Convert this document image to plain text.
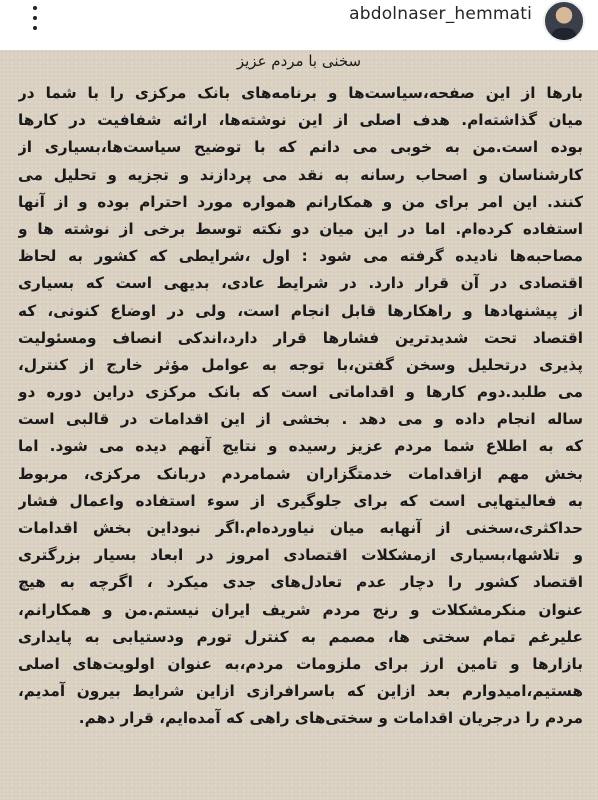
abdolnaser_hemmati
سخنی با مردم عزیز
بارها از این صفحه،سیاست‌ها و برنامه‌های بانک مرکزی را با شما در
میان گذاشته‌ام. هدف اصلی از این نوشته‌ها، ارائه شفافیت در کارها
بوده است.من به خوبی می دانم که با توضیح سیاست‌ها،بسیاری از
کارشناسان و اصحاب رسانه به نقد می پردازند و تجزیه و تحلیل می
کنند. این امر برای من و همکارانم همواره مورد احترام بوده و از آنها
استفاده کرده‌ام. اما در این میان دو نکته توسط برخی از نوشته ها و
مصاحبه‌ها نادیده گرفته می شود : اول ،شرایطی که کشور به لحاظ
اقتصادی در آن قرار دارد. در شرایط عادی، بدیهی است که بسیاری
از پیشنهادها و راهکارها قابل انجام است، ولی در اوضاع کنونی، که
اقتصاد تحت شدیدترین فشارها قرار دارد،اندکی انصاف ومسئولیت
پذیری درتحلیل وسخن گفتن،با توجه به عوامل مؤثر خارج از کنترل،
می طلبد.دوم کارها و اقداماتی است که بانک مرکزی دراین دوره دو
ساله انجام داده و می دهد . بخشی از این اقدامات در قالبی است
که به اطلاع شما مردم عزیز رسیده و نتایج آنهم دیده می شود. اما
بخش مهم ازاقدامات خدمتگزاران شمامردم دربانک مرکزی، مربوط
به فعالیتهایی است که برای جلوگیری از سوء استفاده واعمال فشار
حداکثری،سخنی از آنهابه میان نیاورده‌ام.اگر نبوداین بخش اقدامات
و تلاشها،بسیاری ازمشکلات اقتصادی امروز در ابعاد بسیار بزرگتری
اقتصاد کشور را دچار عدم تعادل‌های جدی میکرد ، اگرچه به هیچ
عنوان منکرمشکلات و رنج مردم شریف ایران نیستم.من و همکارانم،
علیرغم تمام سختی ها، مصمم به کنترل تورم ودستیابی به پایداری
بازارها و تامین ارز برای ملزومات مردم،به عنوان اولویت‌های اصلی
هستیم،امیدوارم بعد ازاین که باسرافرازی ازاین شرایط بیرون آمدیم،
مردم را درجریان اقدامات و سختی‌های راهی که آمده‌ایم، قرار دهم.
